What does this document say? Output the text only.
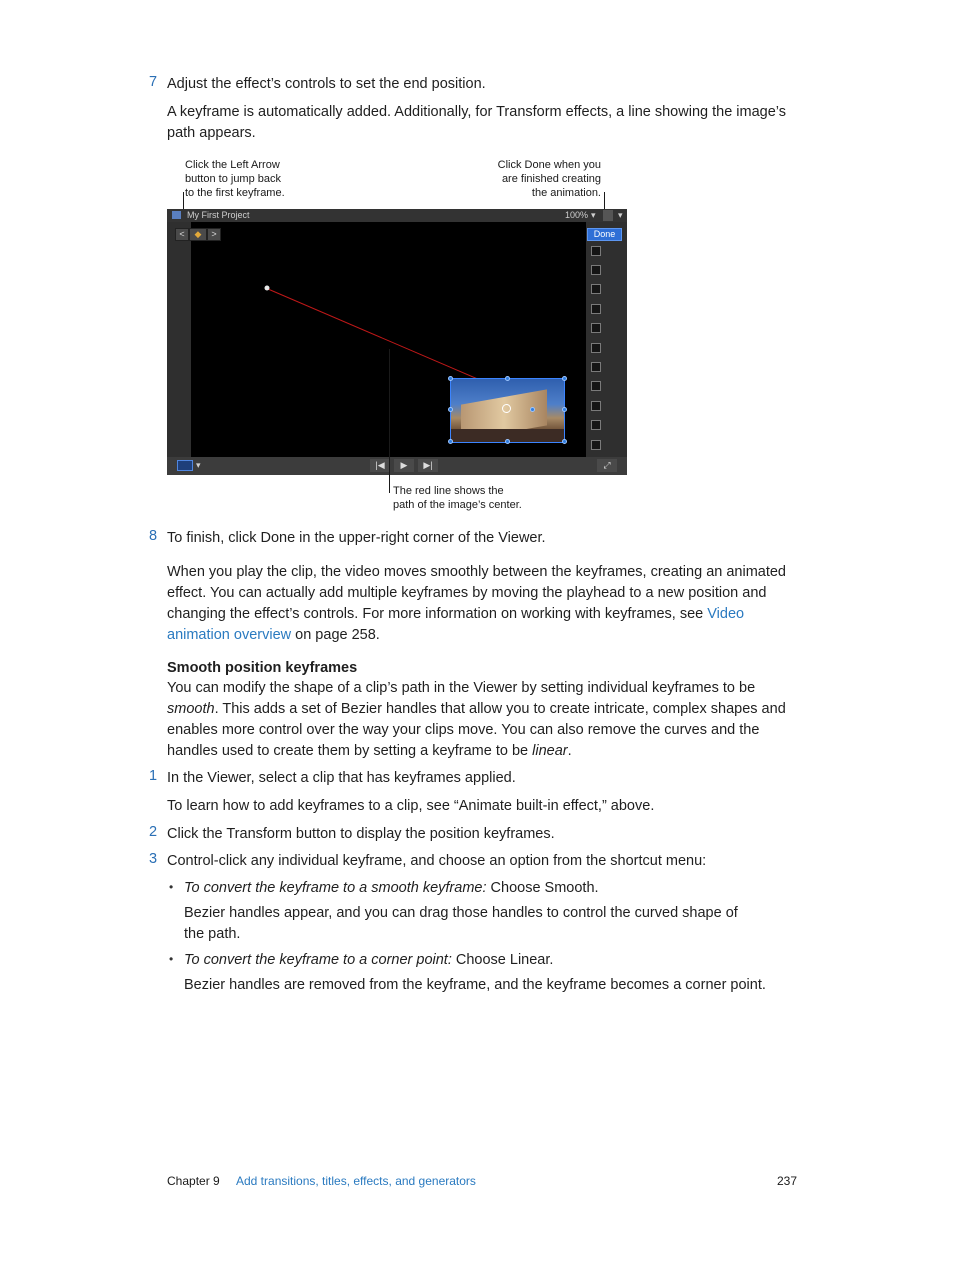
7 Adjust the effect’s controls to set the end position.
A keyframe is automatically added. Additionally, for Transform effects, a line showing the image’s path appears.
Click the Left Arrow
button to jump back
to the first keyframe.
Click Done when you
are finished creating
the animation.
My First Project	100% ▾ ▾
<	◆	>	Done
▾	|◀	▶	▶|	⤢
The red line shows the
path of the image’s center.
8 To finish, click Done in the upper-right corner of the Viewer.
When you play the clip, the video moves smoothly between the keyframes, creating an animated effect. You can actually add multiple keyframes by moving the playhead to a new position and changing the effect’s controls. For more information on working with keyframes, see Video animation overview on page 258.
Smooth position keyframes
You can modify the shape of a clip’s path in the Viewer by setting individual keyframes to be smooth. This adds a set of Bezier handles that allow you to create intricate, complex shapes and enables more control over the way your clips move. You can also remove the curves and the handles used to create them by setting a keyframe to be linear.
1 In the Viewer, select a clip that has keyframes applied.
To learn how to add keyframes to a clip, see “Animate built-in effect,” above.
2 Click the Transform button to display the position keyframes.
3 Control-click any individual keyframe, and choose an option from the shortcut menu:
• To convert the keyframe to a smooth keyframe: Choose Smooth.
Bezier handles appear, and you can drag those handles to control the curved shape of the path.
• To convert the keyframe to a corner point: Choose Linear.
Bezier handles are removed from the keyframe, and the keyframe becomes a corner point.
Chapter 9 Add transitions, titles, effects, and generators	237
